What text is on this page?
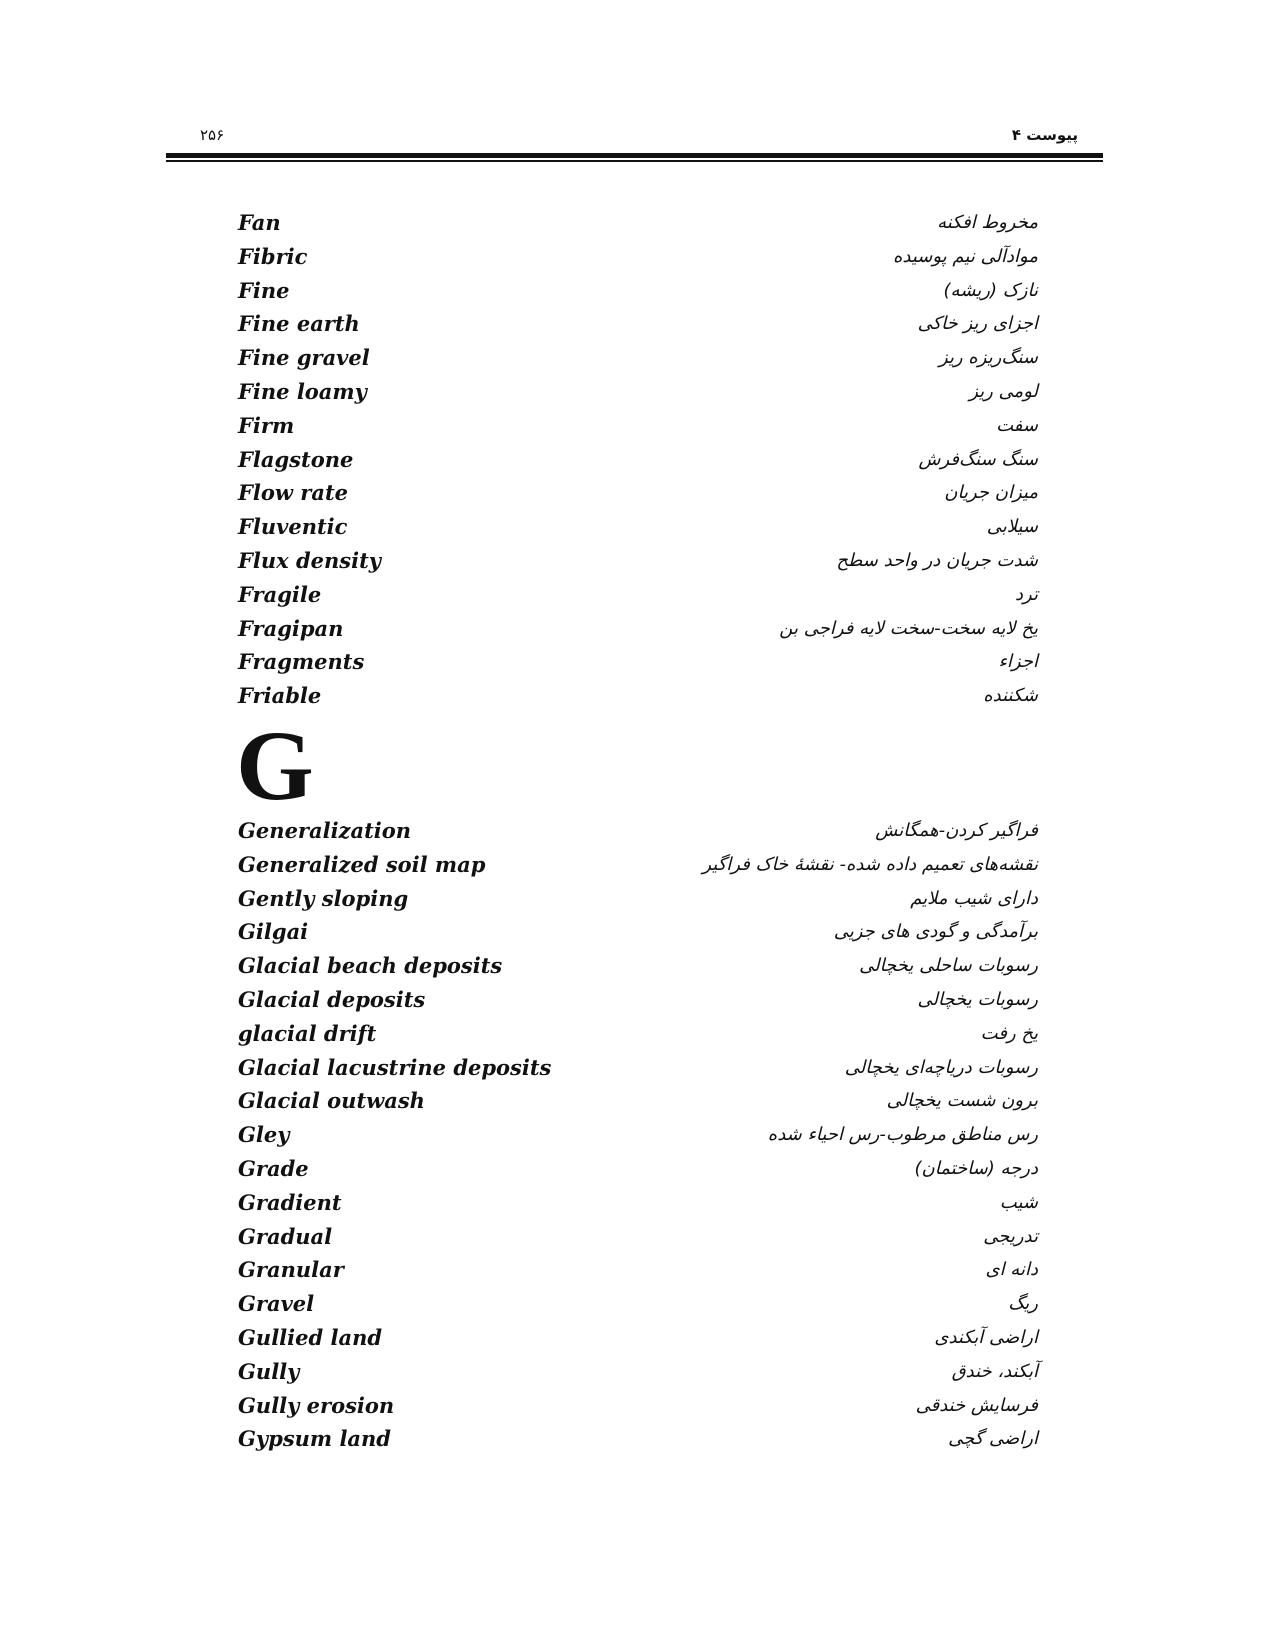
۲۵۶	پیوست ۴
Fan	مخروط افکنه
Fibric	موادآلی نیم پوسیده
Fine	نازک (ریشه)
Fine earth	اجزای ریز خاکی
Fine gravel	سنگ‌ریزه ریز
Fine loamy	لومی ریز
Firm	سفت
Flagstone	سنگ سنگ‌فرش
Flow rate	میزان جریان
Fluventic	سیلابی
Flux density	شدت جریان در واحد سطح
Fragile	ترد
Fragipan	یخ لایه سخت-سخت لایه فراجی بن
Fragments	اجزاء
Friable	شکننده
G
Generalization	فراگیر کردن-همگانش
Generalized soil map	نقشه‌های تعمیم داده شده- نقشهٔ خاک فراگیر
Gently sloping	دارای شیب ملایم
Gilgai	برآمدگی و گودی های جزیی
Glacial beach deposits	رسوبات ساحلی یخچالی
Glacial deposits	رسوبات یخچالی
glacial drift	یخ رفت
Glacial lacustrine deposits	رسوبات دریاچه‌ای یخچالی
Glacial outwash	برون شست یخچالی
Gley	رس مناطق مرطوب-رس احیاء شده
Grade	درجه (ساختمان)
Gradient	شیب
Gradual	تدریجی
Granular	دانه ای
Gravel	ریگ
Gullied land	اراضی آبکندی
Gully	آبکند، خندق
Gully erosion	فرسایش خندقی
Gypsum land	اراضی گچی
